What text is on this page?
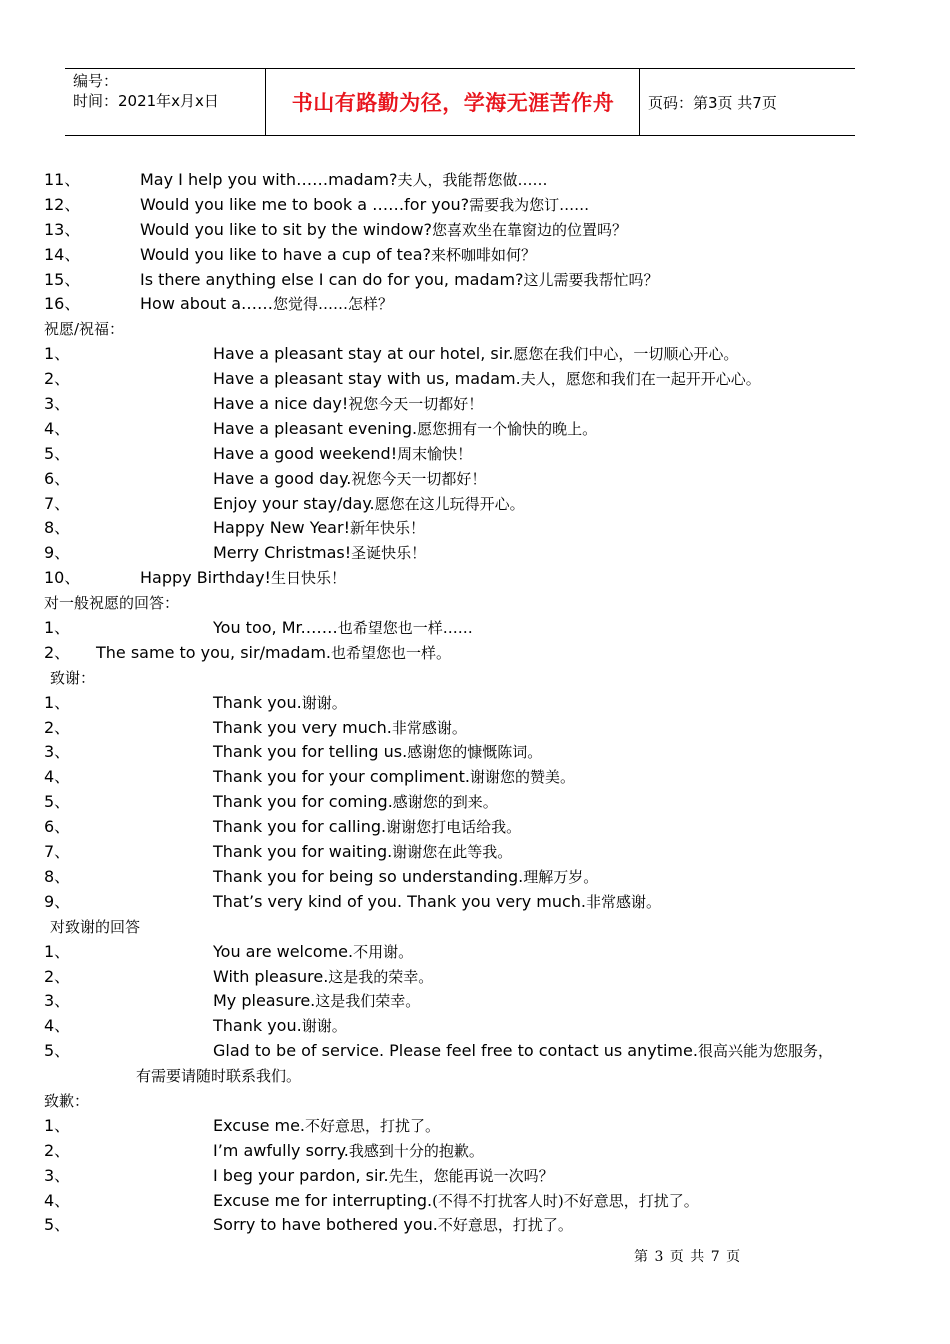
编号：
时间：2021年x月x日	书山有路勤为径，学海无涯苦作舟	页码：第3页 共7页
11、	May I help you with……madam?夫人，我能帮您做……
12、	Would you like me to book a ……for you?需要我为您订……
13、	Would you like to sit by the window?您喜欢坐在靠窗边的位置吗？
14、	Would you like to have a cup of tea?来杯咖啡如何？
15、	Is there anything else I can do for you, madam?这儿需要我帮忙吗？
16、	How about a……您觉得……怎样？
祝愿/祝福：
1、	Have a pleasant stay at our hotel, sir.愿您在我们中心，一切顺心开心。
2、	Have a pleasant stay with us, madam.夫人，愿您和我们在一起开开心心。
3、	Have a nice day!祝您今天一切都好！
4、	Have a pleasant evening.愿您拥有一个愉快的晚上。
5、	Have a good weekend!周末愉快！
6、	Have a good day.祝您今天一切都好！
7、	Enjoy your stay/day.愿您在这儿玩得开心。
8、	Happy New Year!新年快乐！
9、	Merry Christmas!圣诞快乐！
10、	Happy Birthday!生日快乐！
对一般祝愿的回答：
1、	You too, Mr.……也希望您也一样……
2、 The same to you, sir/madam.也希望您也一样。
致谢：
1、	Thank you.谢谢。
2、	Thank you very much.非常感谢。
3、	Thank you for telling us.感谢您的慷慨陈词。
4、	Thank you for your compliment.谢谢您的赞美。
5、	Thank you for coming.感谢您的到来。
6、	Thank you for calling.谢谢您打电话给我。
7、	Thank you for waiting.谢谢您在此等我。
8、	Thank you for being so understanding.理解万岁。
9、	That’s very kind of you. Thank you very much.非常感谢。
对致谢的回答
1、	You are welcome.不用谢。
2、	With pleasure.这是我的荣幸。
3、	My pleasure.这是我们荣幸。
4、	Thank you.谢谢。
5、	Glad to be of service. Please feel free to contact us anytime.很高兴能为您服务，
有需要请随时联系我们。
致歉：
1、	Excuse me.不好意思，打扰了。
2、	I’m awfully sorry.我感到十分的抱歉。
3、	I beg your pardon, sir.先生，您能再说一次吗？
4、	Excuse me for interrupting.(不得不打扰客人时)不好意思，打扰了。
5、	Sorry to have bothered you.不好意思，打扰了。
第 3 页 共 7 页
